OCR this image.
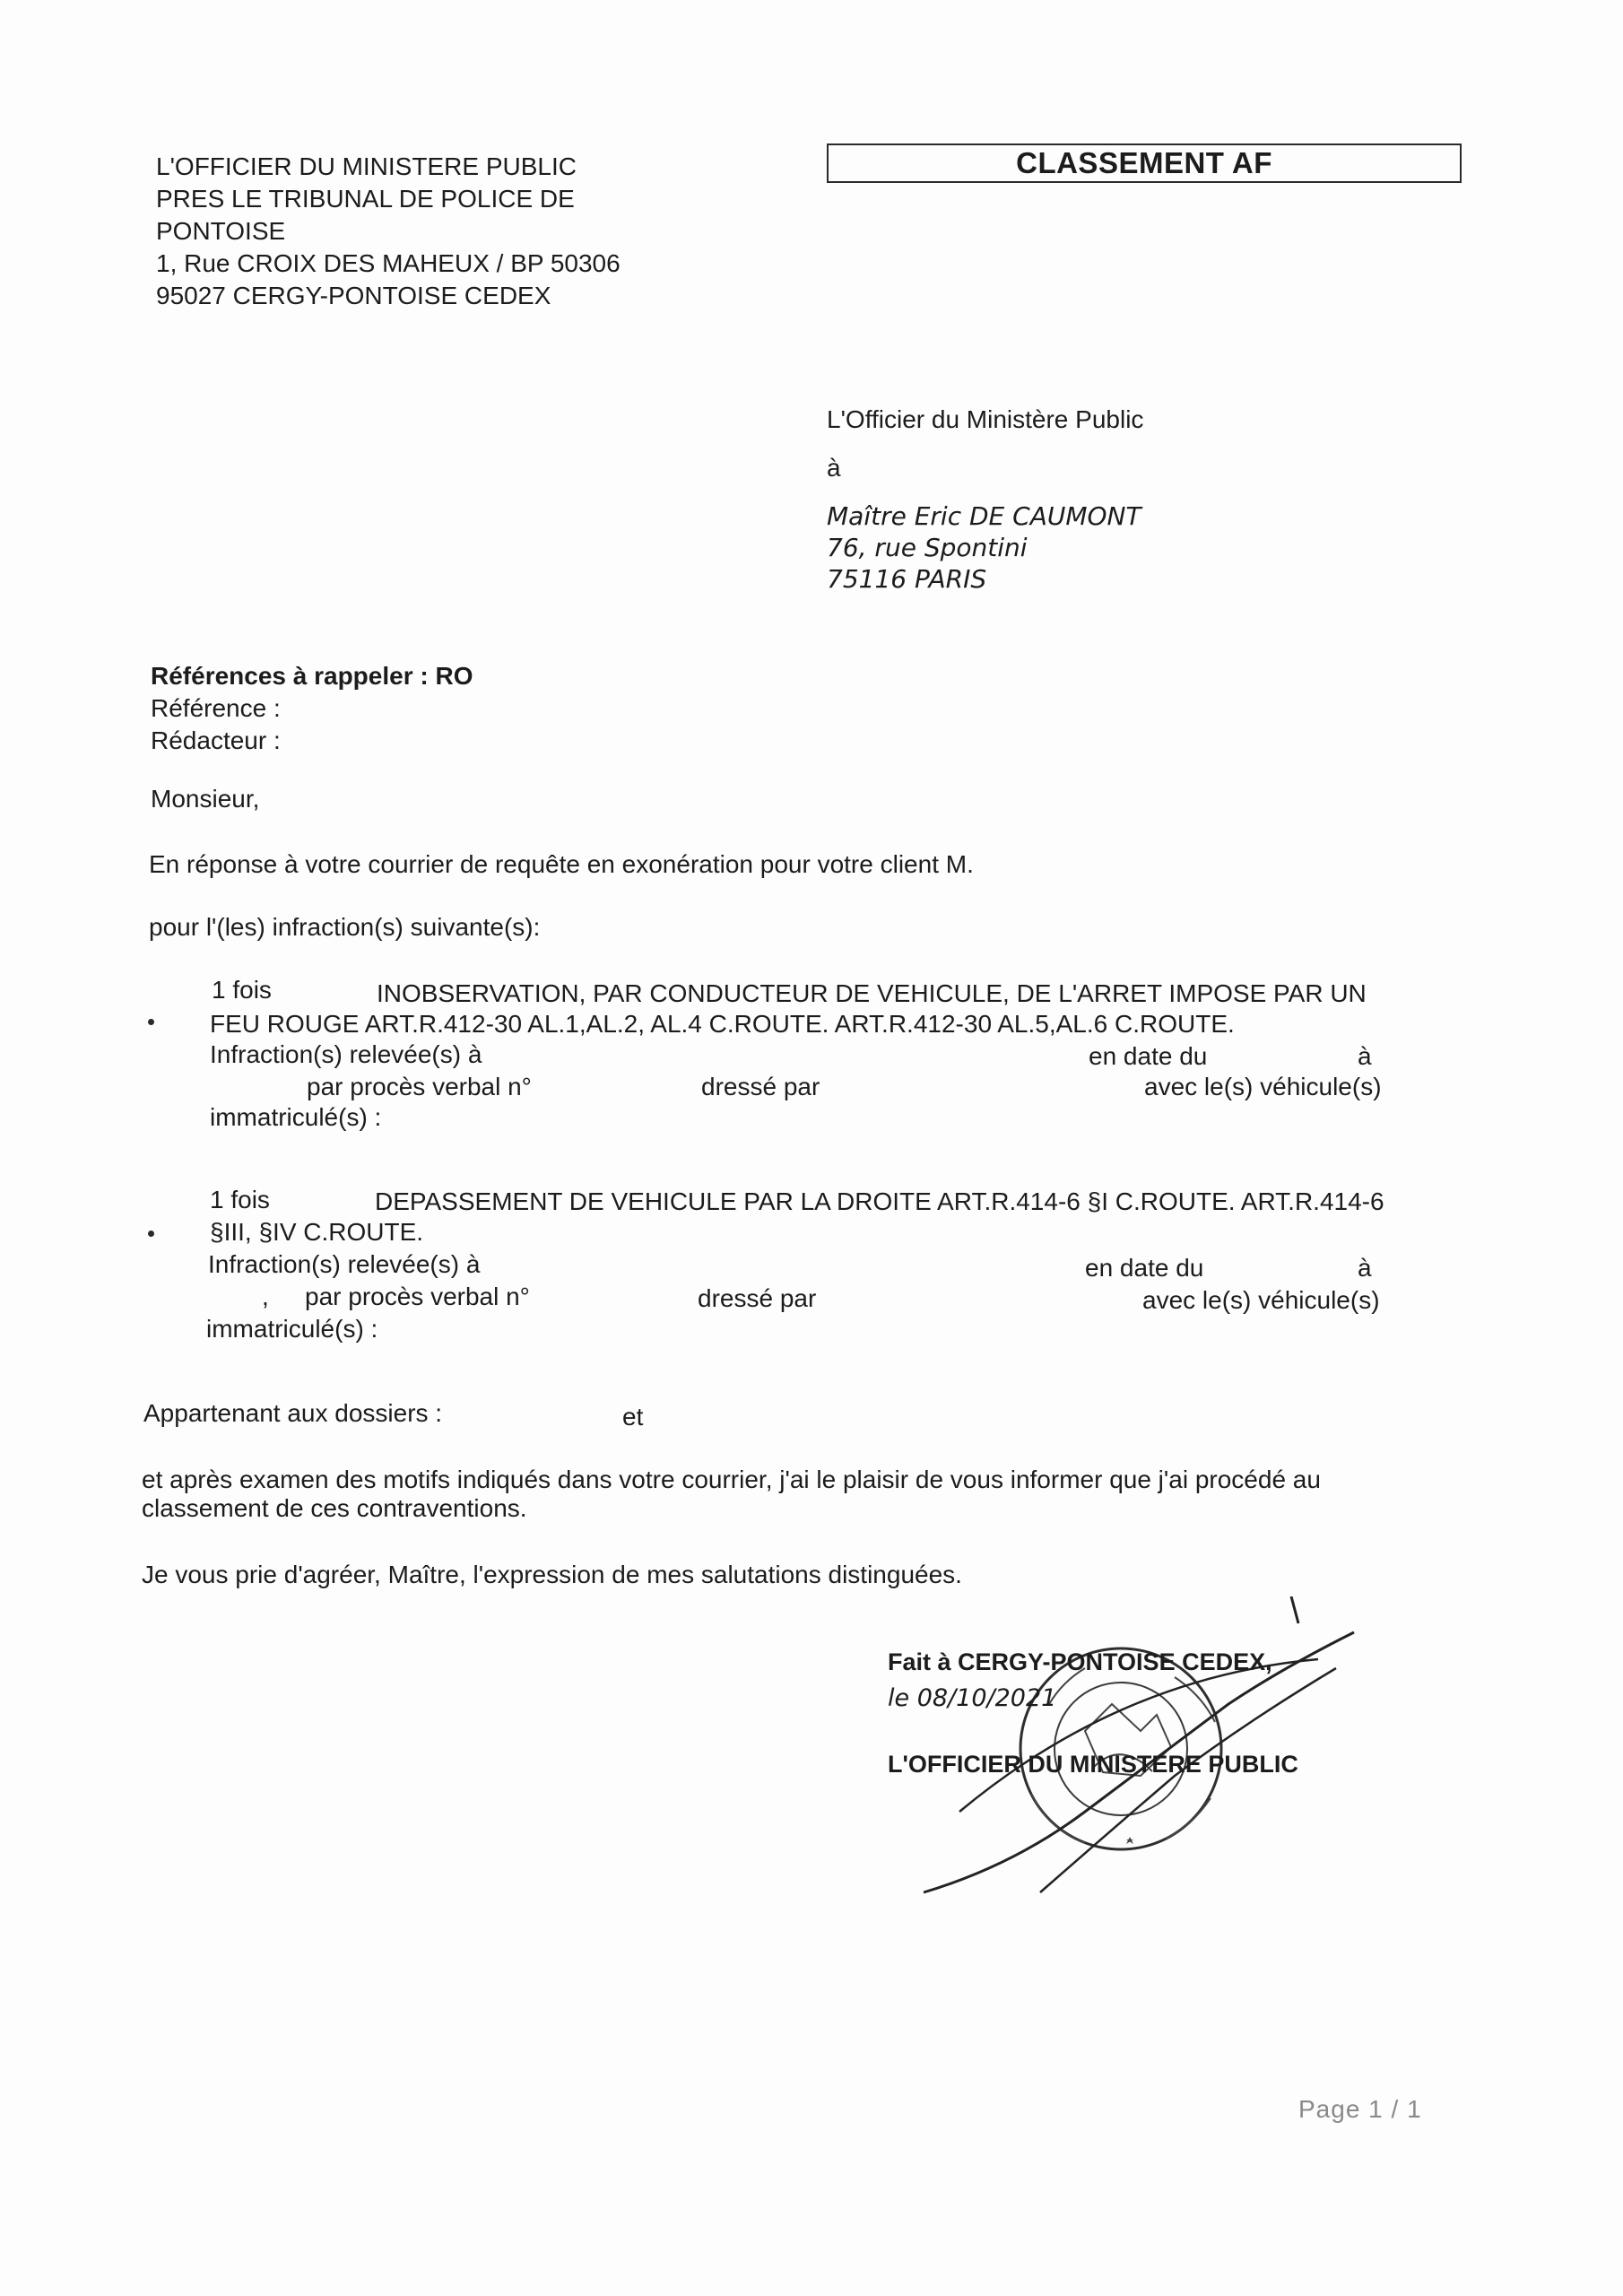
L'OFFICIER DU MINISTERE PUBLIC
PRES LE TRIBUNAL DE POLICE DE
PONTOISE
1, Rue CROIX DES MAHEUX / BP 50306
95027 CERGY-PONTOISE CEDEX
CLASSEMENT AF
L'Officier du Ministère Public
à
Maître Eric DE CAUMONT
76, rue Spontini
75116 PARIS
Références à rappeler : RO
Référence :
Rédacteur :
Monsieur,
En réponse à votre courrier de requête en exonération pour votre client M.
pour l'(les) infraction(s) suivante(s):
1 fois	INOBSERVATION, PAR CONDUCTEUR DE VEHICULE, DE L'ARRET IMPOSE PAR UN
FEU ROUGE ART.R.412-30 AL.1,AL.2, AL.4 C.ROUTE. ART.R.412-30 AL.5,AL.6 C.ROUTE.
Infraction(s) relevée(s) à	en date du	à
par procès verbal n°	dressé par	avec le(s) véhicule(s)
immatriculé(s) :
1 fois	DEPASSEMENT DE VEHICULE PAR LA DROITE ART.R.414-6 §I C.ROUTE. ART.R.414-6
§III, §IV C.ROUTE.
Infraction(s) relevée(s) à	en date du	à
, par procès verbal n°	dressé par	avec le(s) véhicule(s)
immatriculé(s) :
Appartenant aux dossiers :	et
et après examen des motifs indiqués dans votre courrier, j'ai le plaisir de vous informer que j'ai procédé au
classement de ces contraventions.
Je vous prie d'agréer, Maître, l'expression de mes salutations distinguées.
Fait à CERGY-PONTOISE CEDEX,
le 08/10/2021
L'OFFICIER DU MINISTERE PUBLIC
Page 1 / 1
